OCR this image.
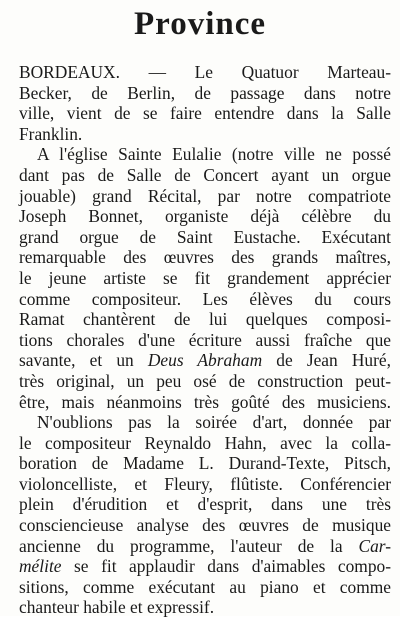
Province
BORDEAUX. — Le Quatuor Marteau-
Becker, de Berlin, de passage dans notre
ville, vient de se faire entendre dans la Salle
Franklin.
A l'église Sainte Eulalie (notre ville ne possé
dant pas de Salle de Concert ayant un orgue
jouable) grand Récital, par notre compatriote
Joseph Bonnet, organiste déjà célèbre du
grand orgue de Saint Eustache. Exécutant
remarquable des œuvres des grands maîtres,
le jeune artiste se fit grandement apprécier
comme compositeur. Les élèves du cours
Ramat chantèrent de lui quelques composi-
tions chorales d'une écriture aussi fraîche que
savante, et un Deus Abraham de Jean Huré,
très original, un peu osé de construction peut-
être, mais néanmoins très goûté des musiciens.
N'oublions pas la soirée d'art, donnée par
le compositeur Reynaldo Hahn, avec la colla-
boration de Madame L. Durand-Texte, Pitsch,
violoncelliste, et Fleury, flûtiste. Conférencier
plein d'érudition et d'esprit, dans une très
consciencieuse analyse des œuvres de musique
ancienne du programme, l'auteur de la Car-
mélite se fit applaudir dans d'aimables compo-
sitions, comme exécutant au piano et comme
chanteur habile et expressif.
